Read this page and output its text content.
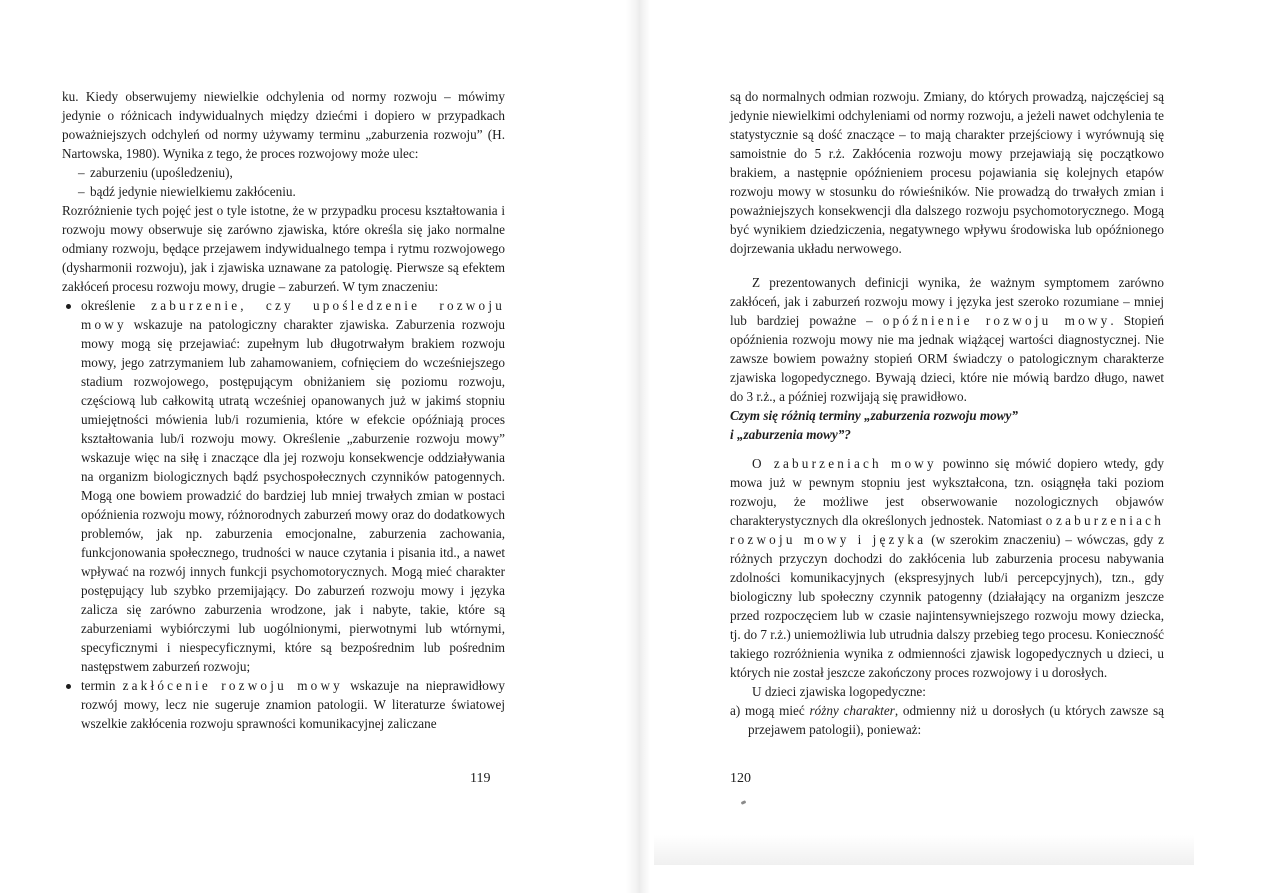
ku. Kiedy obserwujemy niewielkie odchylenia od normy rozwoju – mówimy jedynie o różnicach indywidualnych między dziećmi i dopiero w przypadkach poważniejszych odchyleń od normy używamy terminu „zaburzenia rozwoju” (H. Nartowska, 1980). Wynika z tego, że proces rozwojowy może ulec:

– zaburzeniu (upośledzeniu),
– bądź jedynie niewielkiemu zakłóceniu.

Rozróżnienie tych pojęć jest o tyle istotne, że w przypadku procesu kształtowania i rozwoju mowy obserwuje się zarówno zjawiska, które określa się jako normalne odmiany rozwoju, będące przejawem indywidualnego tempa i rytmu rozwojowego (dysharmonii rozwoju), jak i zjawiska uznawane za patologię. Pierwsze są efektem zakłóceń procesu rozwoju mowy, drugie – zaburzeń. W tym znaczeniu:

określenie zaburzenie, czy upośledzenie rozwoju mowy wskazuje na patologiczny charakter zjawiska. Zaburzenia rozwoju mowy mogą się przejawiać: zupełnym lub długotrwałym brakiem rozwoju mowy, jego zatrzymaniem lub zahamowaniem, cofnięciem do wcześniejszego stadium rozwojowego, postępującym obniżaniem się poziomu rozwoju, częściową lub całkowitą utratą wcześniej opanowanych już w jakimś stopniu umiejętności mówienia lub/i rozumienia, które w efekcie opóźniają proces kształtowania lub/i rozwoju mowy. Określenie „zaburzenie rozwoju mowy” wskazuje więc na siłę i znaczące dla jej rozwoju konsekwencje oddziaływania na organizm biologicznych bądź psychospołecznych czynników patogennych. Mogą one bowiem prowadzić do bardziej lub mniej trwałych zmian w postaci opóźnienia rozwoju mowy, różnorodnych zaburzeń mowy oraz do dodatkowych problemów, jak np. zaburzenia emocjonalne, zaburzenia zachowania, funkcjonowania społecznego, trudności w nauce czytania i pisania itd., a nawet wpływać na rozwój innych funkcji psychomotorycznych. Mogą mieć charakter postępujący lub szybko przemijający. Do zaburzeń rozwoju mowy i języka zalicza się zarówno zaburzenia wrodzone, jak i nabyte, takie, które są zaburzeniami wybiórczymi lub uogólnionymi, pierwotnymi lub wtórnymi, specyficznymi i niespecyficznymi, które są bezpośrednim lub pośrednim następstwem zaburzeń rozwoju;
termin zakłócenie rozwoju mowy wskazuje na nieprawidłowy rozwój mowy, lecz nie sugeruje znamion patologii. W literaturze światowej wszelkie zakłócenia rozwoju sprawności komunikacyjnej zaliczane
119

są do normalnych odmian rozwoju. Zmiany, do których prowadzą, najczęściej są jedynie niewielkimi odchyleniami od normy rozwoju, a jeżeli nawet odchylenia te statystycznie są dość znaczące – to mają charakter przejściowy i wyrównują się samoistnie do 5 r.ż. Zakłócenia rozwoju mowy przejawiają się początkowo brakiem, a następnie opóźnieniem procesu pojawiania się kolejnych etapów rozwoju mowy w stosunku do rówieśników. Nie prowadzą do trwałych zmian i poważniejszych konsekwencji dla dalszego rozwoju psychomotorycznego. Mogą być wynikiem dziedziczenia, negatywnego wpływu środowiska lub opóźnionego dojrzewania układu nerwowego.

Z prezentowanych definicji wynika, że ważnym symptomem zarówno zakłóceń, jak i zaburzeń rozwoju mowy i języka jest szeroko rozumiane – mniej lub bardziej poważne – opóźnienie rozwoju mowy. Stopień opóźnienia rozwoju mowy nie ma jednak wiążącej wartości diagnostycznej. Nie zawsze bowiem poważny stopień ORM świadczy o patologicznym charakterze zjawiska logopedycznego. Bywają dzieci, które nie mówią bardzo długo, nawet do 3 r.ż., a później rozwijają się prawidłowo.

Czym się różnią terminy „zaburzenia rozwoju mowy”
i „zaburzenia mowy”?

O zaburzeniach mowy powinno się mówić dopiero wtedy, gdy mowa już w pewnym stopniu jest wykształcona, tzn. osiągnęła taki poziom rozwoju, że możliwe jest obserwowanie nozologicznych objawów charakterystycznych dla określonych jednostek. Natomiast o zaburzeniach rozwoju mowy i języka (w szerokim znaczeniu) – wówczas, gdy z różnych przyczyn dochodzi do zakłócenia lub zaburzenia procesu nabywania zdolności komunikacyjnych (ekspresyjnych lub/i percepcyjnych), tzn., gdy biologiczny lub społeczny czynnik patogenny (działający na organizm jeszcze przed rozpoczęciem lub w czasie najintensywniejszego rozwoju mowy dziecka, tj. do 7 r.ż.) uniemożliwia lub utrudnia dalszy przebieg tego procesu. Konieczność takiego rozróżnienia wynika z odmienności zjawisk logopedycznych u dzieci, u których nie został jeszcze zakończony proces rozwojowy i u dorosłych.

U dzieci zjawiska logopedyczne:

a) mogą mieć różny charakter, odmienny niż u dorosłych (u których zawsze są przejawem patologii), ponieważ:

120
